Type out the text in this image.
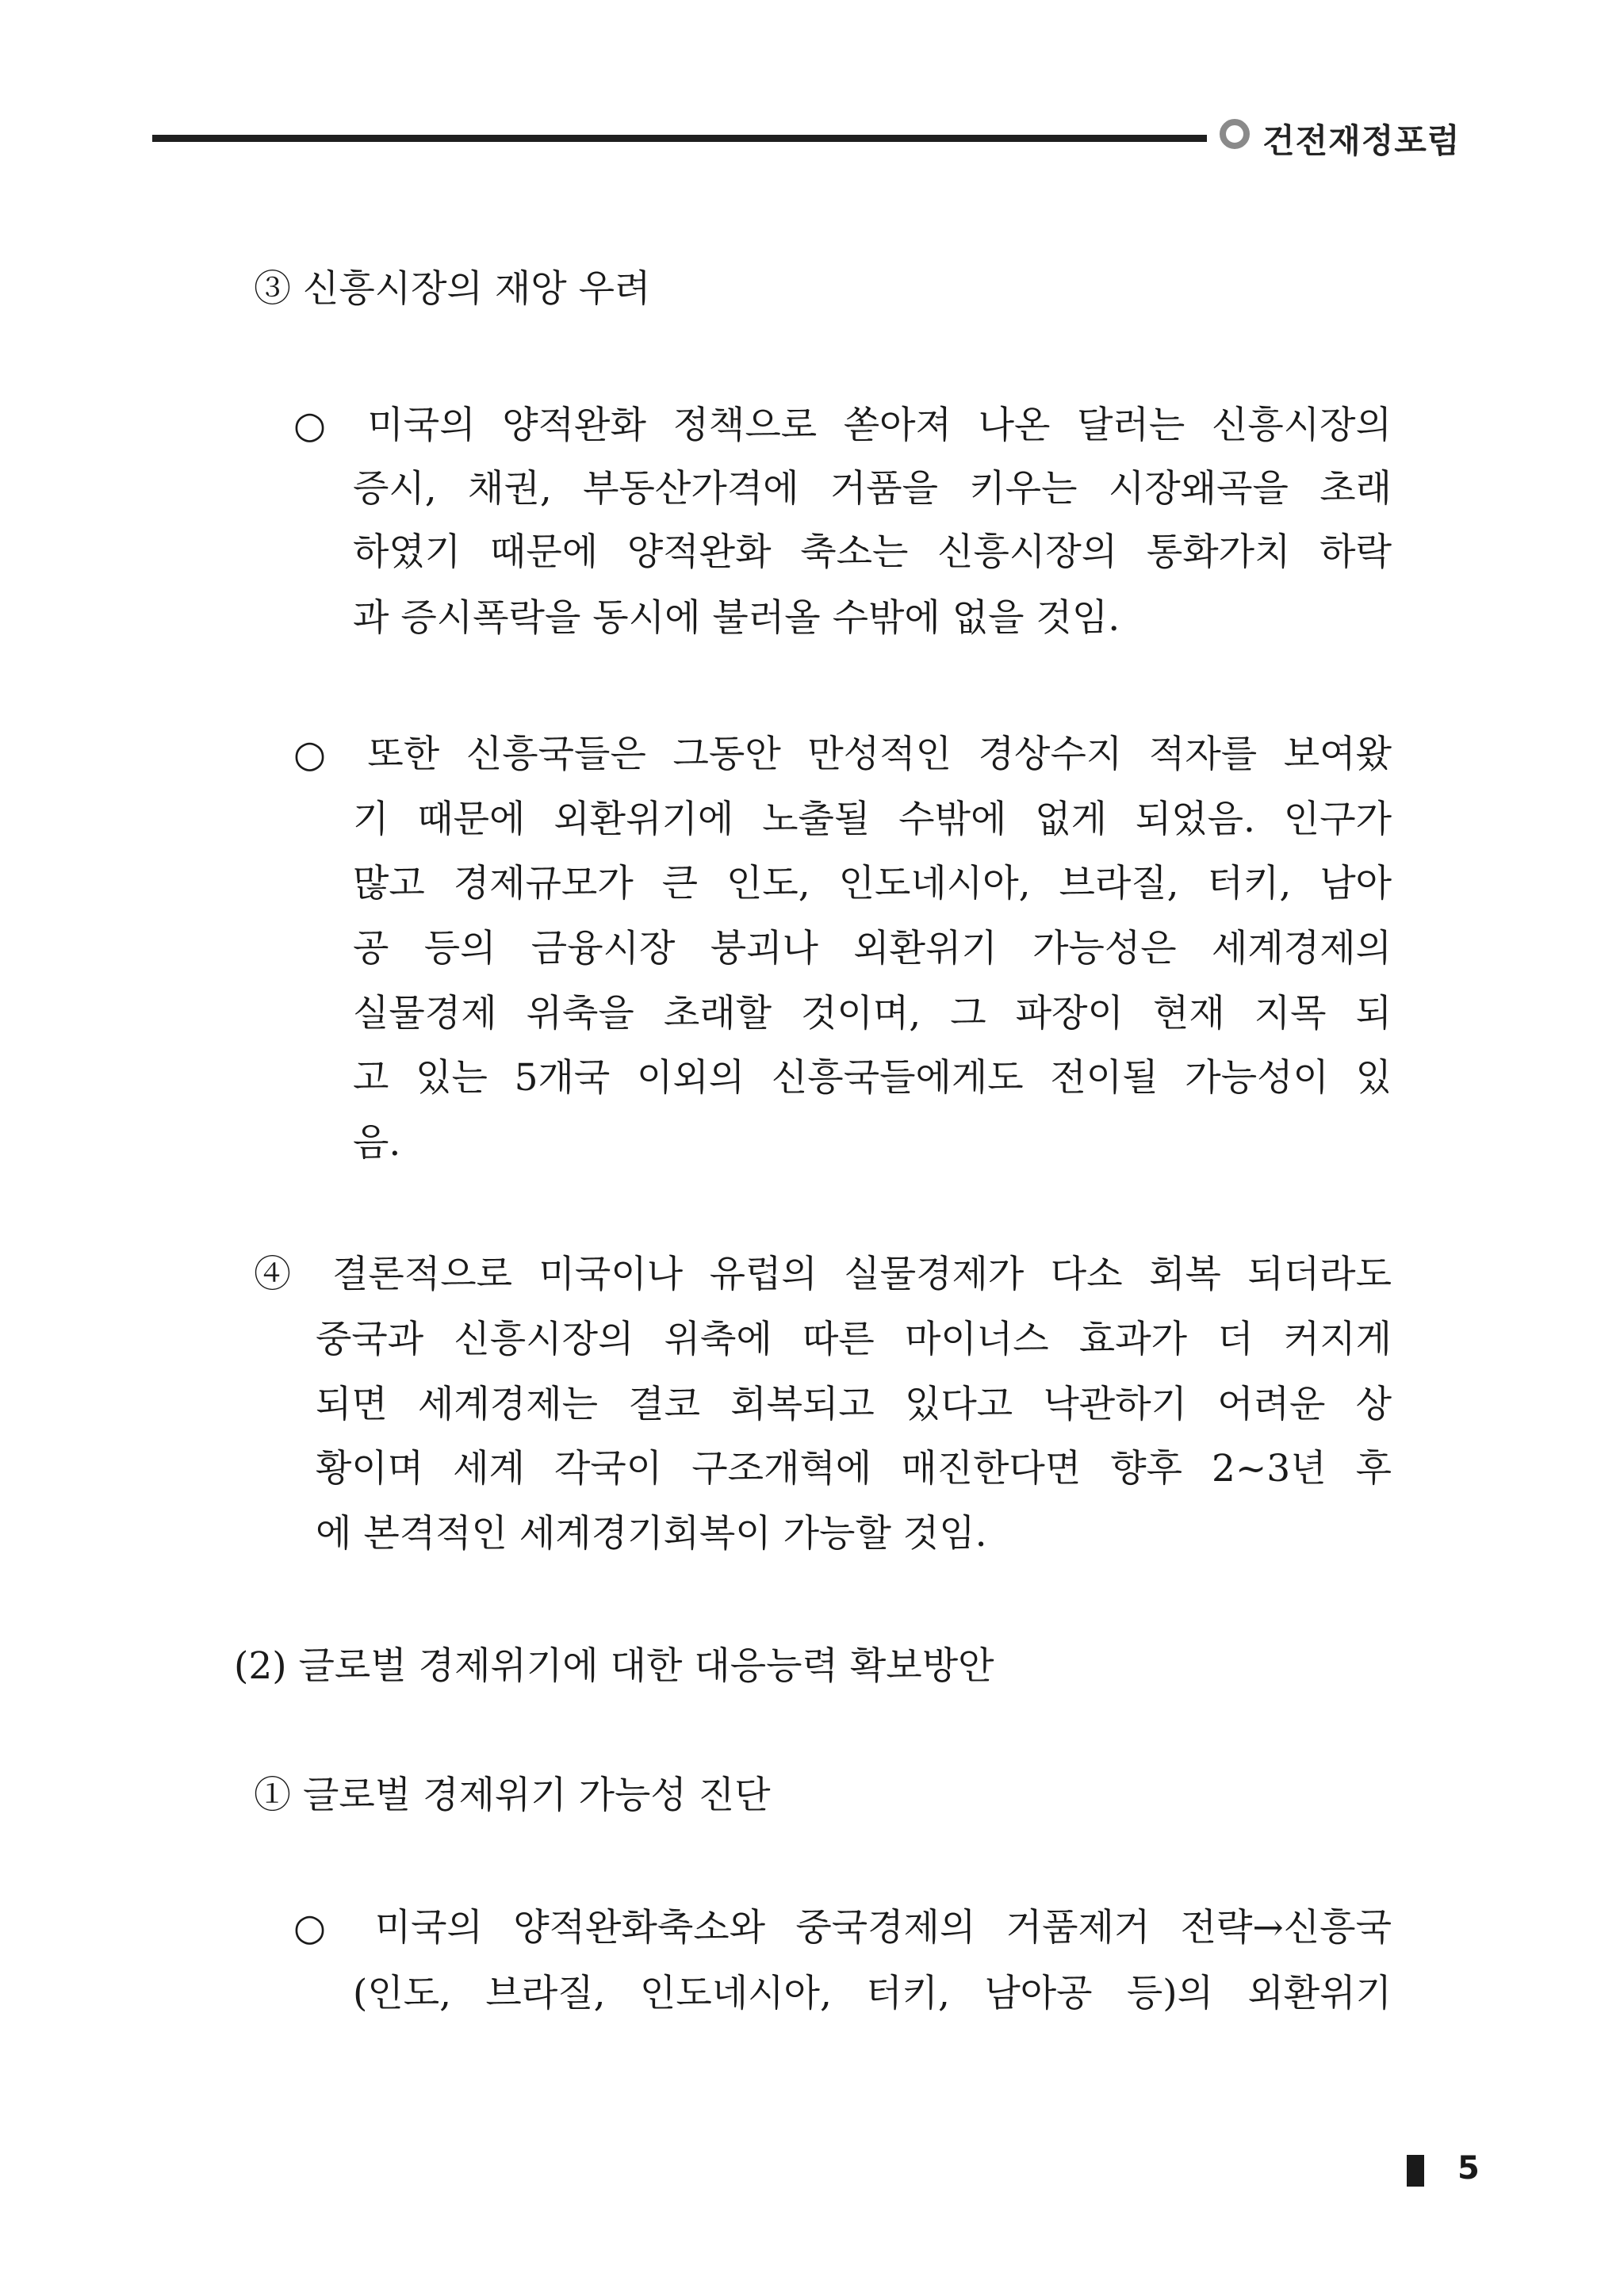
건전재정포럼
③ 신흥시장의 재앙 우려
○ 미국의 양적완화 정책으로 쏟아져 나온 달러는 신흥시장의
증시, 채권, 부동산가격에 거품을 키우는 시장왜곡을 초래
하였기 때문에 양적완화 축소는 신흥시장의 통화가치 하락
과 증시폭락을 동시에 불러올 수밖에 없을 것임.
○ 또한 신흥국들은 그동안 만성적인 경상수지 적자를 보여왔
기 때문에 외환위기에 노출될 수밖에 없게 되었음. 인구가
많고 경제규모가 큰 인도, 인도네시아, 브라질, 터키, 남아
공 등의 금융시장 붕괴나 외환위기 가능성은 세계경제의
실물경제 위축을 초래할 것이며, 그 파장이 현재 지목 되
고 있는 5개국 이외의 신흥국들에게도 전이될 가능성이 있
음.
④ 결론적으로 미국이나 유럽의 실물경제가 다소 회복 되더라도
중국과 신흥시장의 위축에 따른 마이너스 효과가 더 커지게
되면 세계경제는 결코 회복되고 있다고 낙관하기 어려운 상
황이며 세계 각국이 구조개혁에 매진한다면 향후 2~3년 후
에 본격적인 세계경기회복이 가능할 것임.
(2) 글로벌 경제위기에 대한 대응능력 확보방안
① 글로벌 경제위기 가능성 진단
○ 미국의 양적완화축소와 중국경제의 거품제거 전략→신흥국
(인도, 브라질, 인도네시아, 터키, 남아공 등)의 외환위기
5
